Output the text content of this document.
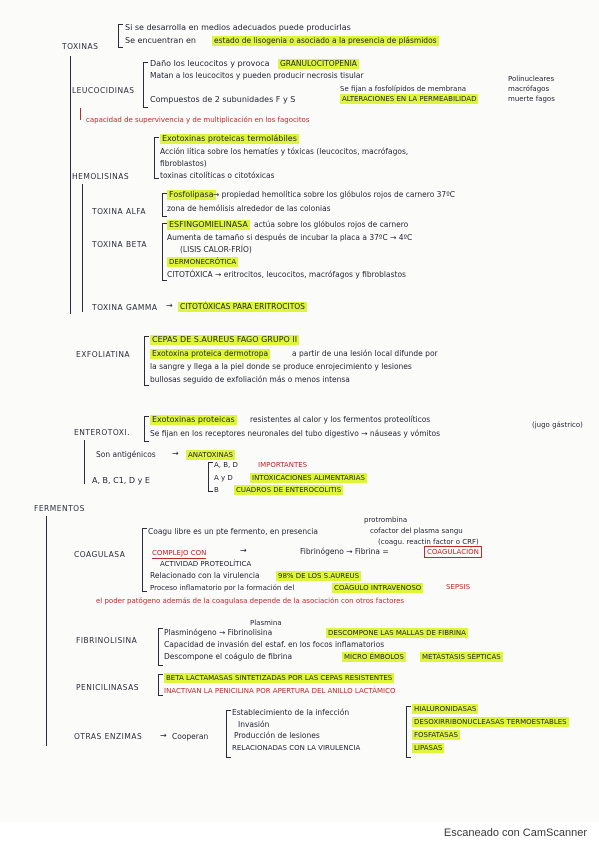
TOXINAS
Si se desarrolla en medios adecuados puede producirlas
Se encuentran en estado de lisogenia o asociado a la presencia de plásmidos
LEUCOCIDINAS
Daño los leucocitos y provoca GRANULOCITOPENIA
Matan a los leucocitos y pueden producir necrosis tisular
Compuestos de 2 subunidades F y S
Se fijan a fosfolípidos de membrana
ALTERACIONES EN LA PERMEABILIDAD
Polinucleares
macrófagos
muerte fagos
capacidad de supervivencia y de multiplicación en los fagocitos
HEMOLISINAS
Exotoxinas proteicas termolábiles
Acción lítica sobre los hematíes y tóxicas (leucocitos, macrófagos,
fibroblastos)
toxinas citolíticas o citotóxicas
TOXINA ALFA
Fosfolipasa → propiedad hemolítica sobre los glóbulos rojos de carnero 37ºC
zona de hemólisis alrededor de las colonias
TOXINA BETA
ESFINGOMIELINASA actúa sobre los glóbulos rojos de carnero
Aumenta de tamaño si después de incubar la placa a 37ºC → 4ºC
(LISIS CALOR-FRÍO)
DERMONECRÓTICA
CITOTÓXICA → eritrocitos, leucocitos, macrófagos y fibroblastos
TOXINA GAMMA → CITOTÓXICAS PARA ERITROCITOS
EXFOLIATINA
CEPAS DE S.AUREUS FAGO GRUPO II
Exotoxina proteica dermotropa	a partir de una lesión local difunde por
la sangre y llega a la piel donde se produce enrojecimiento y lesiones
bullosas seguido de exfoliación más o menos intensa
ENTEROTOXI.
Exotoxinas proteicas resistentes al calor y los fermentos proteolíticos
(jugo gástrico)
Se fijan en los receptores neuronales del tubo digestivo → náuseas y vómitos
Son antigénicos → ANATOXINAS
A, B, C1, D y E
A, B, D	IMPORTANTES
A y D	INTOXICACIONES ALIMENTARIAS
B CUADROS DE ENTEROCOLITIS
FERMENTOS
COAGULASA
Coagu libre es un pte fermento, en presencia
protrombina
cofactor del plasma sangu
(coagu. reactin factor o CRF)
COMPLEJO CON	→	Fibrinógeno → Fibrina =	COAGULACIÓN
ACTIVIDAD PROTEOLÍTICA
Relacionado con la virulencia	98% DE LOS S.AUREUS
Proceso inflamatorio por la formación del	COÁGULO INTRAVENOSO	SEPSIS
el poder patógeno además de la coagulasa depende de la asociación con otros factores
FIBRINOLISINA
Plasmina
Plasminógeno → Fibrinolisina	DESCOMPONE LAS MALLAS DE FIBRINA
Capacidad de invasión del estaf. en los focos inflamatorios
Descompone el coágulo de fibrina	MICRO ÉMBOLOS	METÁSTASIS SÉPTICAS
PENICILINASAS
BETA LACTAMASAS SINTETIZADAS POR LAS CEPAS RESISTENTES
INACTIVAN LA PENICILINA POR APERTURA DEL ANILLO LACTÁMICO
OTRAS ENZIMAS → Cooperan
Establecimiento de la infección
Invasión
Producción de lesiones
RELACIONADAS CON LA VIRULENCIA
HIALURONIDASAS
DESOXIRRIBONUCLEASAS TERMOESTABLES
FOSFATASAS
LIPASAS
Escaneado con CamScanner
